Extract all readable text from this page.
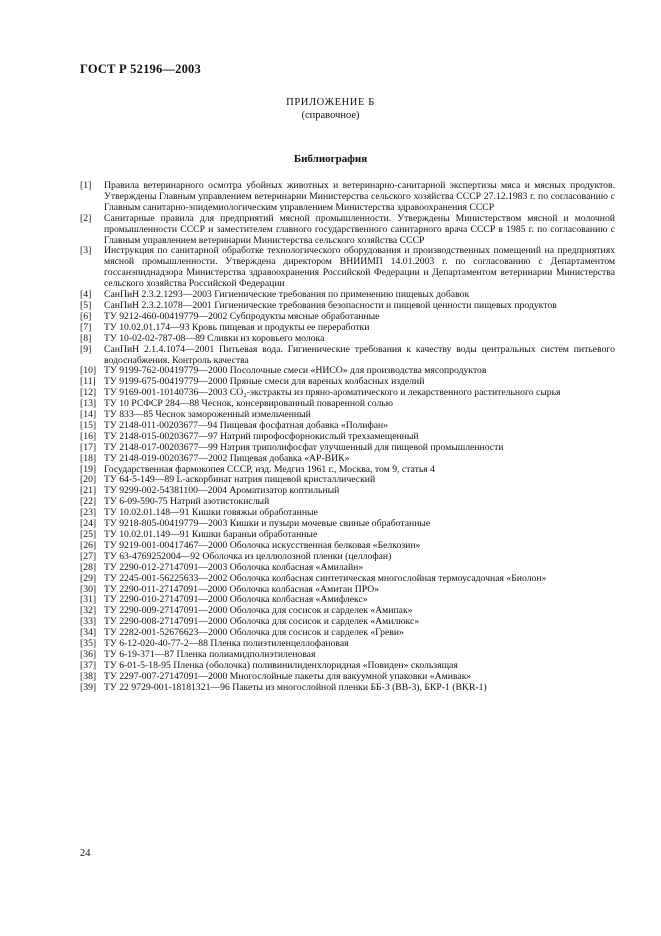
ГОСТ Р 52196—2003
ПРИЛОЖЕНИЕ Б
(справочное)
Библиография
[1]	Правила ветеринарного осмотра убойных животных и ветеринарно-санитарной экспертизы мяса и мясных продуктов. Утверждены Главным управлением ветеринарии Министерства сельского хозяйства СССР 27.12.1983 г. по согласованию с Главным санитарно-эпидемиологическим управлением Министерства здравоохранения СССР
[2]	Санитарные правила для предприятий мясной промышленности. Утверждены Министерством мясной и молочной промышленности СССР и заместителем главного государственного санитарного врача СССР в 1985 г. по согласованию с Главным управлением ветеринарии Министерства сельского хозяйства СССР
[3]	Инструкция по санитарной обработке технологического оборудования и производственных помещений на предприятиях мясной промышленности. Утверждена директором ВНИИМП 14.01.2003 г. по согласованию с Департаментом госсанэпиднадзора Министерства здравоохранения Российской Федерации и Департаментом ветеринарии Министерства сельского хозяйства Российской Федерации
[4]	СанПиН 2.3.2.1293—2003 Гигиенические требования по применению пищевых добавок
[5]	СанПиН 2.3.2.1078—2001 Гигиенические требования безопасности и пищевой ценности пищевых продуктов
[6]	ТУ 9212-460-00419779—2002 Субпродукты мясные обработанные
[7]	ТУ 10.02.01.174—93 Кровь пищевая и продукты ее переработки
[8]	ТУ 10-02-02-787-08—89 Сливки из коровьего молока
[9]	СанПиН 2.1.4.1074—2001 Питьевая вода. Гигиенические требования к качеству воды центральных систем питьевого водоснабжения. Контроль качества
[10] ТУ 9199-762-00419779—2000 Посолочные смеси «НИСО» для производства мясопродуктов
[11] ТУ 9199-675-00419779—2000 Пряные смеси для вареных колбасных изделий
[12] ТУ 9169-001-10140736—2003 CO₂-экстракты из пряно-ароматического и лекарственного растительного сырья
[13] ТУ 10 РСФСР 284—88 Чеснок, консервированный поваренной солью
[14] ТУ 833—85 Чеснок замороженный измельченный
[15] ТУ 2148-011-00203677—94 Пищевая фосфатная добавка «Полифан»
[16] ТУ 2148-015-00203677—97 Натрий пирофосфорнокислый трехзамещенный
[17] ТУ 2148-017-00203677—99 Натрия триполифосфат улучшенный для пищевой промышленности
[18] ТУ 2148-019-00203677—2002 Пищевая добавка «АР-ВИК»
[19] Государственная фармокопея СССР, изд. Медгиз 1961 г., Москва, том 9, статья 4
[20] ТУ 64-5-149—89 L-аскорбинат натрия пищевой кристаллический
[21] ТУ 9299-002-54381100—2004 Ароматизатор коптильный
[22] ТУ 6-09-590-75 Натрий азотистокислый
[23] ТУ 10.02.01.148—91 Кишки говяжьи обработанные
[24] ТУ 9218-805-00419779—2003 Кишки и пузыри мочевые свиные обработанные
[25] ТУ 10.02.01.149—91 Кишки бараньи обработанные
[26] ТУ 9219-001-00417467—2000 Оболочка искусственная белковая «Белкозин»
[27] ТУ 63-4769252004—92 Оболочка из целлюлозной пленки (целлофан)
[28] ТУ 2290-012-27147091—2003 Оболочка колбасная «Амилайн»
[29] ТУ 2245-001-56225633—2002 Оболочка колбасная синтетическая многослойная термоусадочная «Биолон»
[30] ТУ 2290-011-27147091—2000 Оболочка колбасная «Амитан ПРО»
[31] ТУ 2290-010-27147091—2000 Оболочка колбасная «Амифлекс»
[32] ТУ 2290-009-27147091—2000 Оболочка для сосисок и сарделек «Амипак»
[33] ТУ 2290-008-27147091—2000 Оболочка для сосисок и сарделек «Амилюкс»
[34] ТУ 2282-001-52676623—2000 Оболочка для сосисок и сарделек «Греви»
[35] ТУ 6-12-020-40-77-2—88 Пленка полиэтиленцеллофановая
[36] ТУ 6-19-371—87 Пленка полиамидполиэтиленовая
[37] ТУ 6-01-5-18-95 Пленка (оболочка) поливинилиденхлоридная «Повиден» скользящая
[38] ТУ 2297-007-27147091—2000 Многослойные пакеты для вакуумной упаковки «Амивак»
[39] ТУ 22 9729-001-18181321—96 Пакеты из многослойной пленки ББ-3 (ВВ-3), БКР-1 (BKR-1)
24
